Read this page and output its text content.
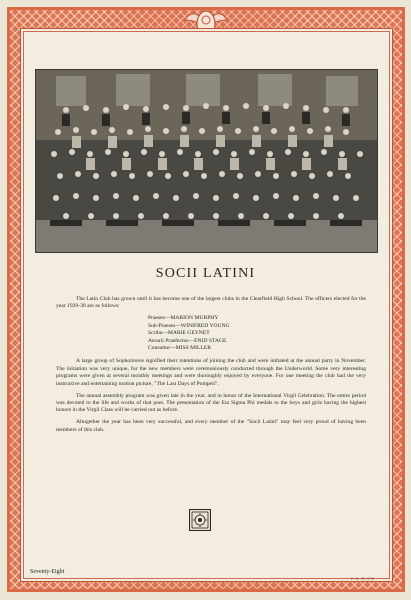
SOCII LATINI

The Latin Club has grown until it has become one of the largest clubs in the Clearfield High School. The officers elected for the year 1929-30 are as follows:

Praeses—MARION MURPHY
Sub-Praeses—WINIFRED YOUNG
Scriba—MARIE GEYNET
Aerarii Praefectus—ENID STAGE
Consultor—MISS MILLER

A large group of Sophomores signified their intentions of joining the club and were initiated at the annual party in November. The initiation was very unique, for the new members were ceremoniously conducted through the Underworld. Some very interesting programs were given at several monthly meetings and were thoroughly enjoyed by everyone. For one meeting the club had the very instructive and entertaining motion picture, "The Last Days of Pompeii".

The annual assembly program was given late in the year, and in honor of the International Virgil Celebration. The entire period was devoted to the life and works of that poet. The presentation of the Eta Sigma Phi medals to the boys and girls having the highest honors in the Virgil Class will be carried out as before.

Altogether the year has been very successful, and every member of the "Socii Latini" may feel very proud of having been members of this club.

Seventy-Eight
J.A.O.CO
